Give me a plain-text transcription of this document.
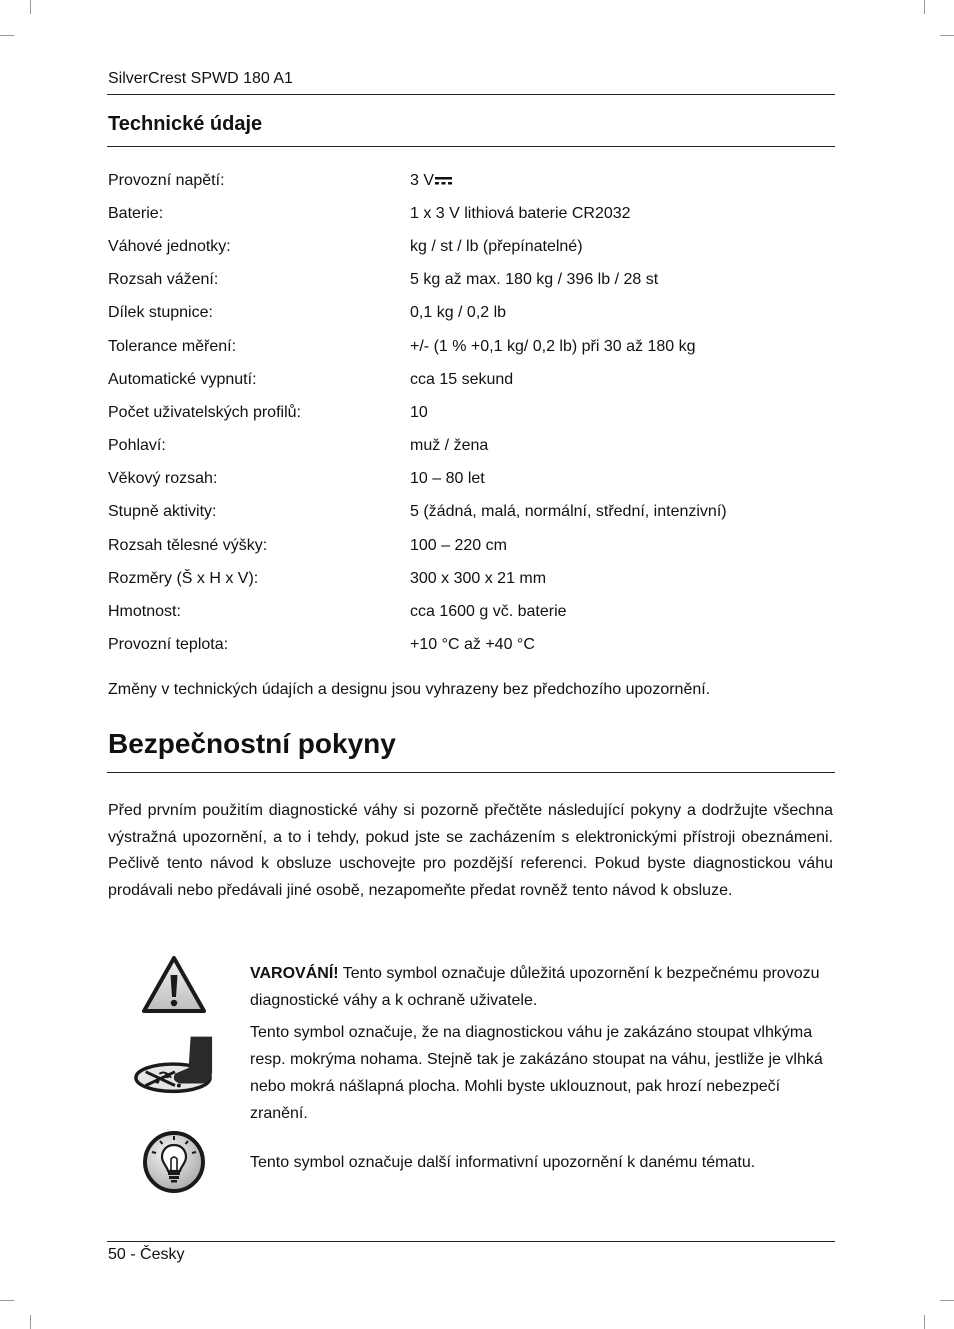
SilverCrest SPWD 180 A1
Technické údaje
Provozní napětí:	3 V
Baterie:	1 x 3 V lithiová baterie CR2032
Váhové jednotky:	kg / st / lb (přepínatelné)
Rozsah vážení:	5 kg až max. 180 kg / 396 lb / 28 st
Dílek stupnice:	0,1 kg / 0,2 lb
Tolerance měření:	+/- (1 % +0,1 kg/ 0,2 lb) při 30 až 180 kg
Automatické vypnutí:	cca 15 sekund
Počet uživatelských profilů:	10
Pohlaví:	muž / žena
Věkový rozsah:	10 – 80 let
Stupně aktivity:	5 (žádná, malá, normální, střední, intenzivní)
Rozsah tělesné výšky:	100 – 220 cm
Rozměry (Š x H x V):	300 x 300 x 21 mm
Hmotnost:	cca 1600 g vč. baterie
Provozní teplota:	+10 °C až +40 °C
Změny v technických údajích a designu jsou vyhrazeny bez předchozího upozornění.
Bezpečnostní pokyny
Před prvním použitím diagnostické váhy si pozorně přečtěte následující pokyny a dodržujte všechna výstražná upozornění, a to i tehdy, pokud jste se zacházením s elektronickými přístroji obeznámeni. Pečlivě tento návod k obsluze uschovejte pro pozdější referenci. Pokud byste diagnostickou váhu prodávali nebo předávali jiné osobě, nezapomeňte předat rovněž tento návod k obsluze.
VAROVÁNÍ! Tento symbol označuje důležitá upozornění k bezpečnému provozu diagnostické váhy a k ochraně uživatele.
Tento symbol označuje, že na diagnostickou váhu je zakázáno stoupat vlhkýma resp. mokrýma nohama. Stejně tak je zakázáno stoupat na váhu, jestliže je vlhká nebo mokrá nášlapná plocha. Mohli byste uklouznout, pak hrozí nebezpečí zranění.
Tento symbol označuje další informativní upozornění k danému tématu.
50 - Česky
